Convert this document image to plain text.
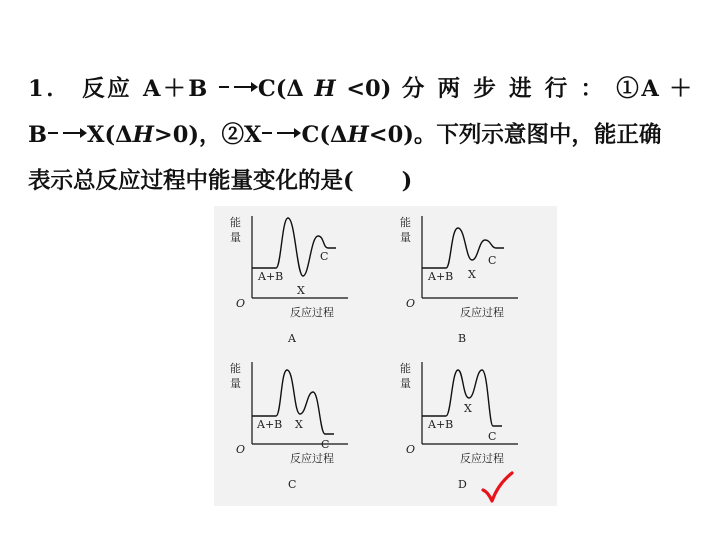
1． 反应 A＋B C(Δ H <0) 分 两 步 进 行 ： ①A ＋
B X(ΔH>0)，②X C(ΔH<0)。下列示意图中，能正确
表示总反应过程中能量变化的是( )
能
量
O
反应过程
A+B
X
C
A
能
量
O
反应过程
A+B X
C
B
能
量
O
反应过程
A+B X
C
C
能
量
O
反应过程
A+B
X
C
D
